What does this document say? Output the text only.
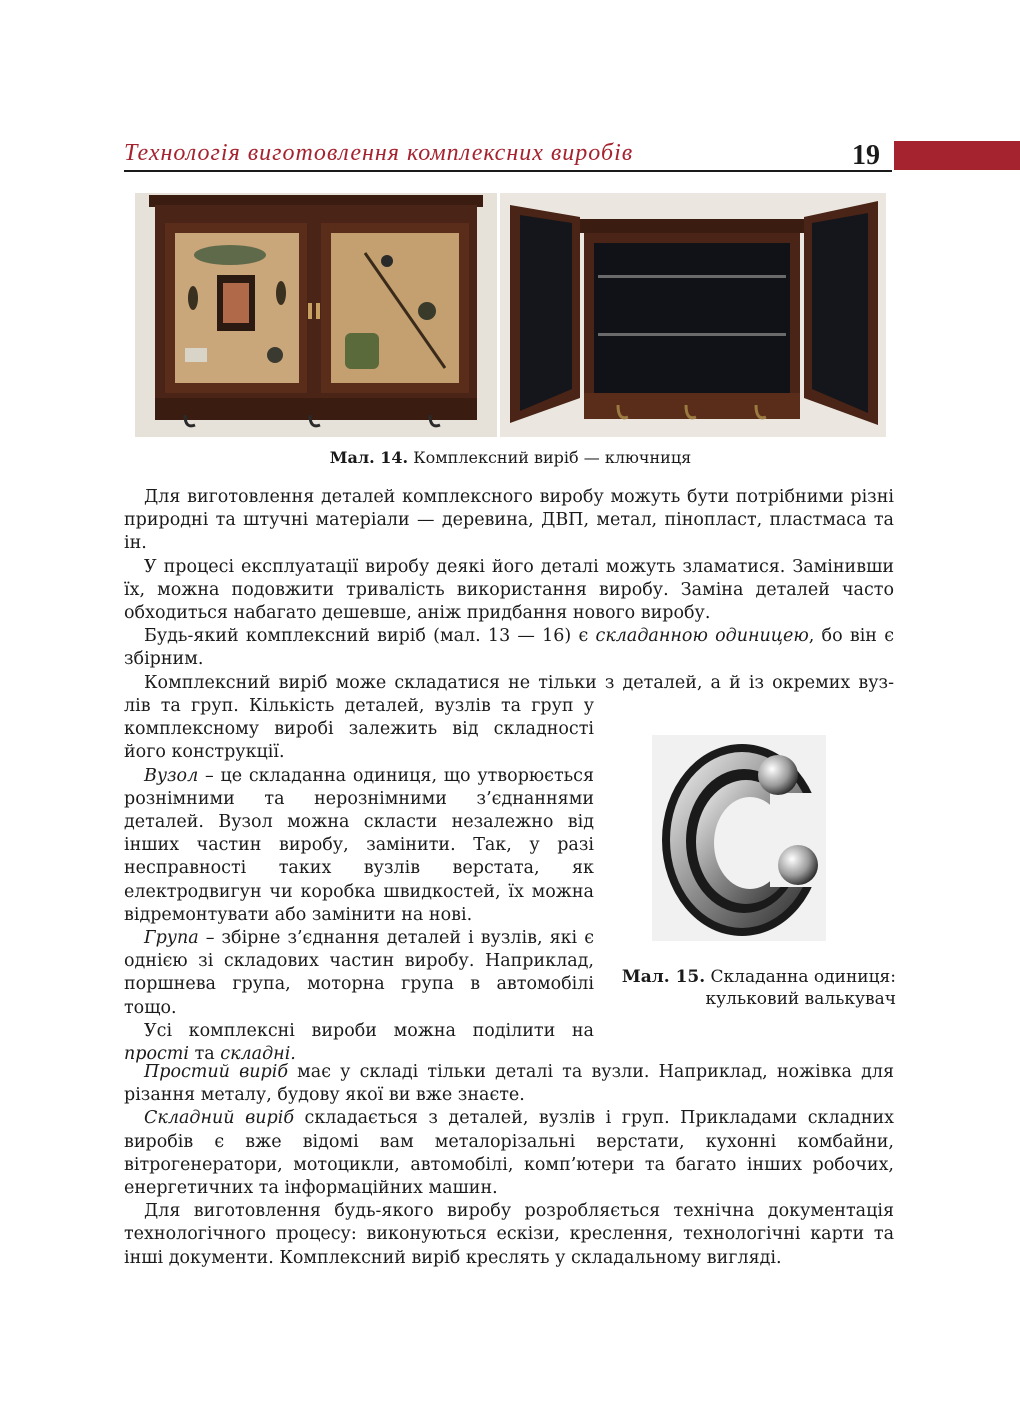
Технологія виготовлення комплексних виробів	19
Мал. 14. Комплексний виріб — ключниця

Для виготовлення деталей комплексного виробу можуть бути потрібними різні природні та штучні матеріали — деревина, ДВП, метал, пінопласт, пластмаса та ін.

У процесі експлуатації виробу деякі його деталі можуть зламатися. Замінивши їх, можна подовжити тривалість використання виробу. Заміна деталей часто обходиться набагато дешевше, аніж придбання нового виробу.

Будь-який комплексний виріб (мал. 13 — 16) є складанною одиницею, бо він є збірним.

Комплексний виріб може складатися не тільки з деталей, а й із окремих вуз-

лів та груп. Кількість деталей, вузлів та груп у комплексному виробі залежить від складності його конструкції.

Вузол – це складанна одиниця, що утворюється рознімними та нерознімними з’єднаннями деталей. Вузол можна скласти незалежно від інших частин виробу, замінити. Так, у разі несправності таких вузлів верстата, як електродвигун чи коробка швидкостей, їх можна відремонтувати або замінити на нові.

Група – збірне з’єднання деталей і вузлів, які є однією зі складових частин виробу. Наприклад, поршнева група, моторна група в автомобілі тощо.

Усі комплексні вироби можна поділити на прості та складні.

Мал. 15. Складанна одиниця:
кульковий валькувач

Простий виріб має у складі тільки деталі та вузли. Наприклад, ножівка для різання металу, будову якої ви вже знаєте.

Складний виріб складається з деталей, вузлів і груп. Прикладами складних виробів є вже відомі вам металорізальні верстати, кухонні комбайни, вітрогенератори, мотоцикли, автомобілі, комп’ютери та багато інших робочих, енергетичних та інформаційних машин.

Для виготовлення будь-якого виробу розробляється технічна документація технологічного процесу: виконуються ескізи, креслення, технологічні карти та інші документи. Комплексний виріб креслять у складальному вигляді.
